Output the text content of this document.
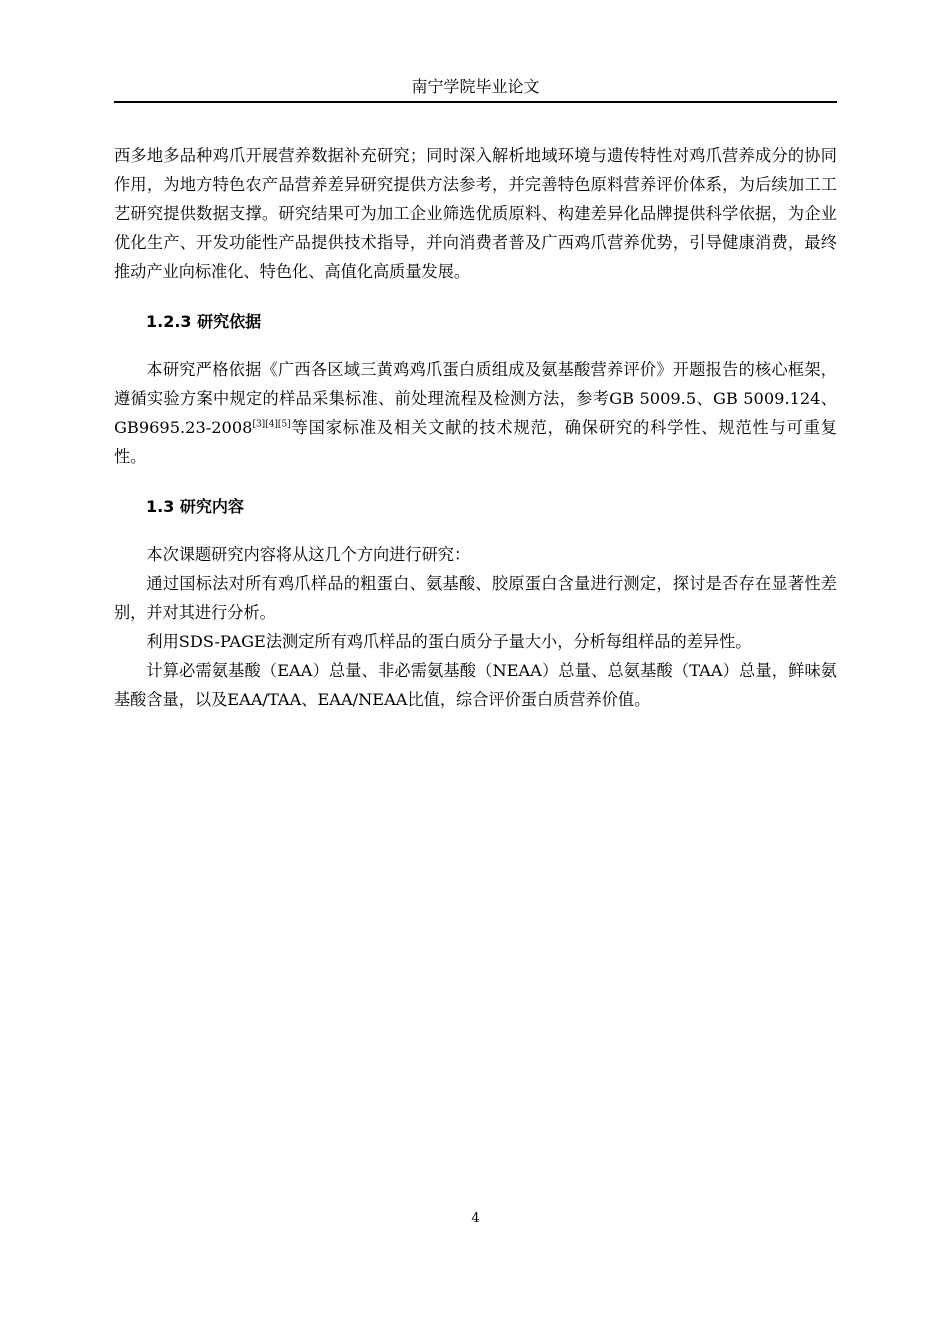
南宁学院毕业论文

西多地多品种鸡爪开展营养数据补充研究；同时深入解析地域环境与遗传特性对鸡爪营养成分的协同作用，为地方特色农产品营养差异研究提供方法参考，并完善特色原料营养评价体系，为后续加工工艺研究提供数据支撑。研究结果可为加工企业筛选优质原料、构建差异化品牌提供科学依据，为企业优化生产、开发功能性产品提供技术指导，并向消费者普及广西鸡爪营养优势，引导健康消费，最终推动产业向标准化、特色化、高值化高质量发展。

1.2.3 研究依据

本研究严格依据《广西各区域三黄鸡鸡爪蛋白质组成及氨基酸营养评价》开题报告的核心框架，遵循实验方案中规定的样品采集标准、前处理流程及检测方法，参考GB 5009.5、GB 5009.124、GB9695.23-2008[3][4][5]等国家标准及相关文献的技术规范，确保研究的科学性、规范性与可重复性。

1.3 研究内容

本次课题研究内容将从这几个方向进行研究：

通过国标法对所有鸡爪样品的粗蛋白、氨基酸、胶原蛋白含量进行测定，探讨是否存在显著性差别，并对其进行分析。

利用SDS-PAGE法测定所有鸡爪样品的蛋白质分子量大小，分析每组样品的差异性。

计算必需氨基酸（EAA）总量、非必需氨基酸（NEAA）总量、总氨基酸（TAA）总量，鲜味氨基酸含量，以及EAA/TAA、EAA/NEAA比值，综合评价蛋白质营养价值。

4
